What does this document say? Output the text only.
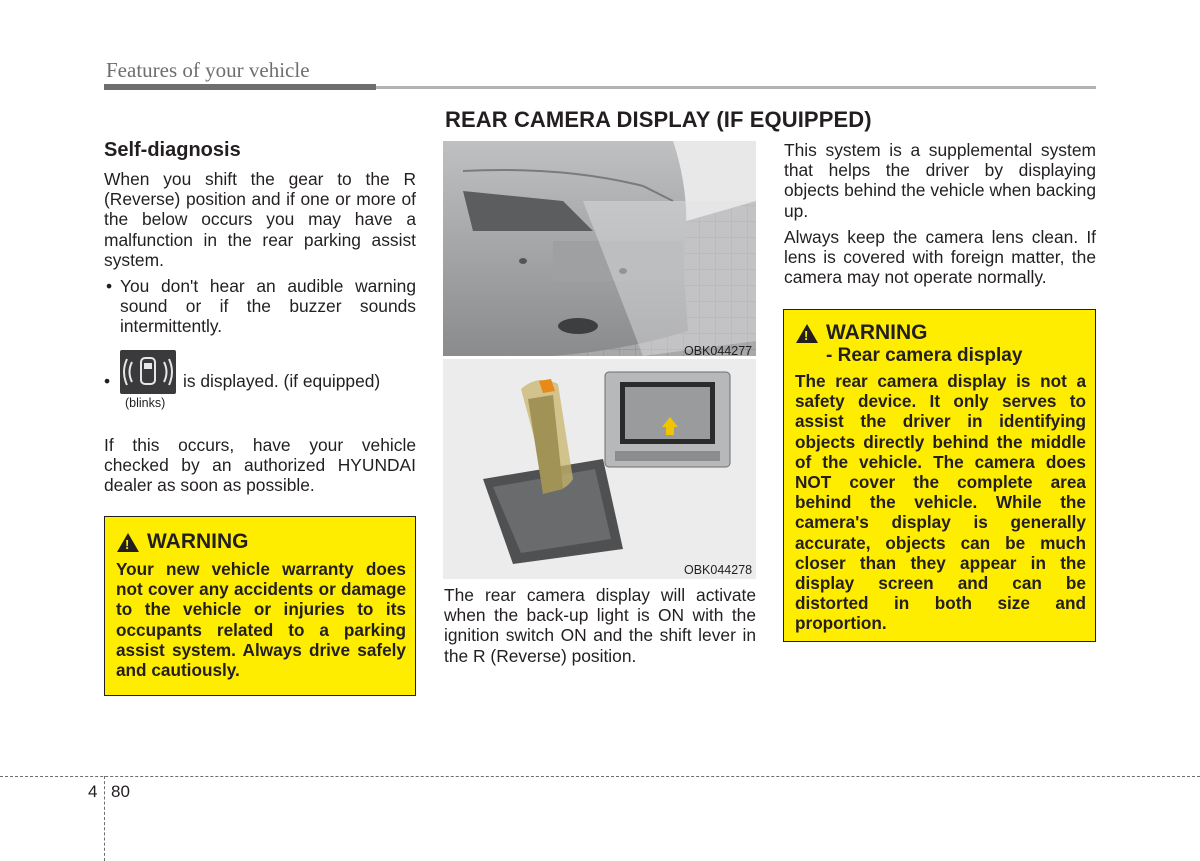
Features of your vehicle
REAR CAMERA DISPLAY (IF EQUIPPED)
Self-diagnosis
When you shift the gear to the R (Reverse) position and if one or more of the below occurs you may have a malfunction in the rear parking assist system.
• You don't hear an audible warning sound or if the buzzer sounds intermittently.
•
(blinks)
is displayed. (if equipped)
If this occurs, have your vehicle checked by an authorized HYUNDAI dealer as soon as possible.
!
WARNING
Your new vehicle warranty does not cover any accidents or damage to the vehicle or injuries to its occupants related to a parking assist system. Always drive safely and cautiously.
OBK044277
OBK044278
The rear camera display will activate when the back-up light is ON with the ignition switch ON and the shift lever in the R (Reverse) position.
This system is a supplemental system that helps the driver by displaying objects behind the vehicle when backing up.
Always keep the camera lens clean. If lens is covered with foreign matter, the camera may not operate normally.
!
WARNING
- Rear camera display
The rear camera display is not a safety device. It only serves to assist the driver in identifying objects directly behind the middle of the vehicle. The camera does NOT cover the complete area behind the vehicle. While the camera's display is generally accurate, objects can be much closer than they appear in the display screen and can be distorted in both size and proportion.
4 80
